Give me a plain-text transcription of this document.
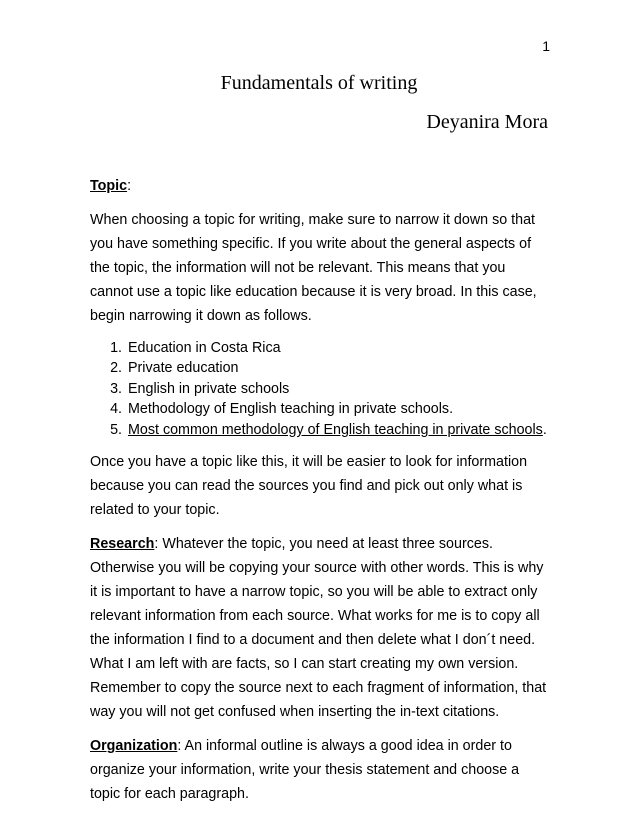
1
Fundamentals of writing
Deyanira Mora

Topic:

When choosing a topic for writing, make sure to narrow it down so that you have something specific. If you write about the general aspects of the topic, the information will not be relevant. This means that you cannot use a topic like education because it is very broad. In this case, begin narrowing it down as follows.

1. Education in Costa Rica
2. Private education
3. English in private schools
4. Methodology of English teaching in private schools.
5. Most common methodology of English teaching in private schools.

Once you have a topic like this, it will be easier to look for information because you can read the sources you find and pick out only what is related to your topic.

Research: Whatever the topic, you need at least three sources. Otherwise you will be copying your source with other words. This is why it is important to have a narrow topic, so you will be able to extract only relevant information from each source. What works for me is to copy all the information I find to a document and then delete what I don´t need. What I am left with are facts, so I can start creating my own version. Remember to copy the source next to each fragment of information, that way you will not get confused when inserting the in-text citations.

Organization: An informal outline is always a good idea in order to organize your information, write your thesis statement and choose a topic for each paragraph.
